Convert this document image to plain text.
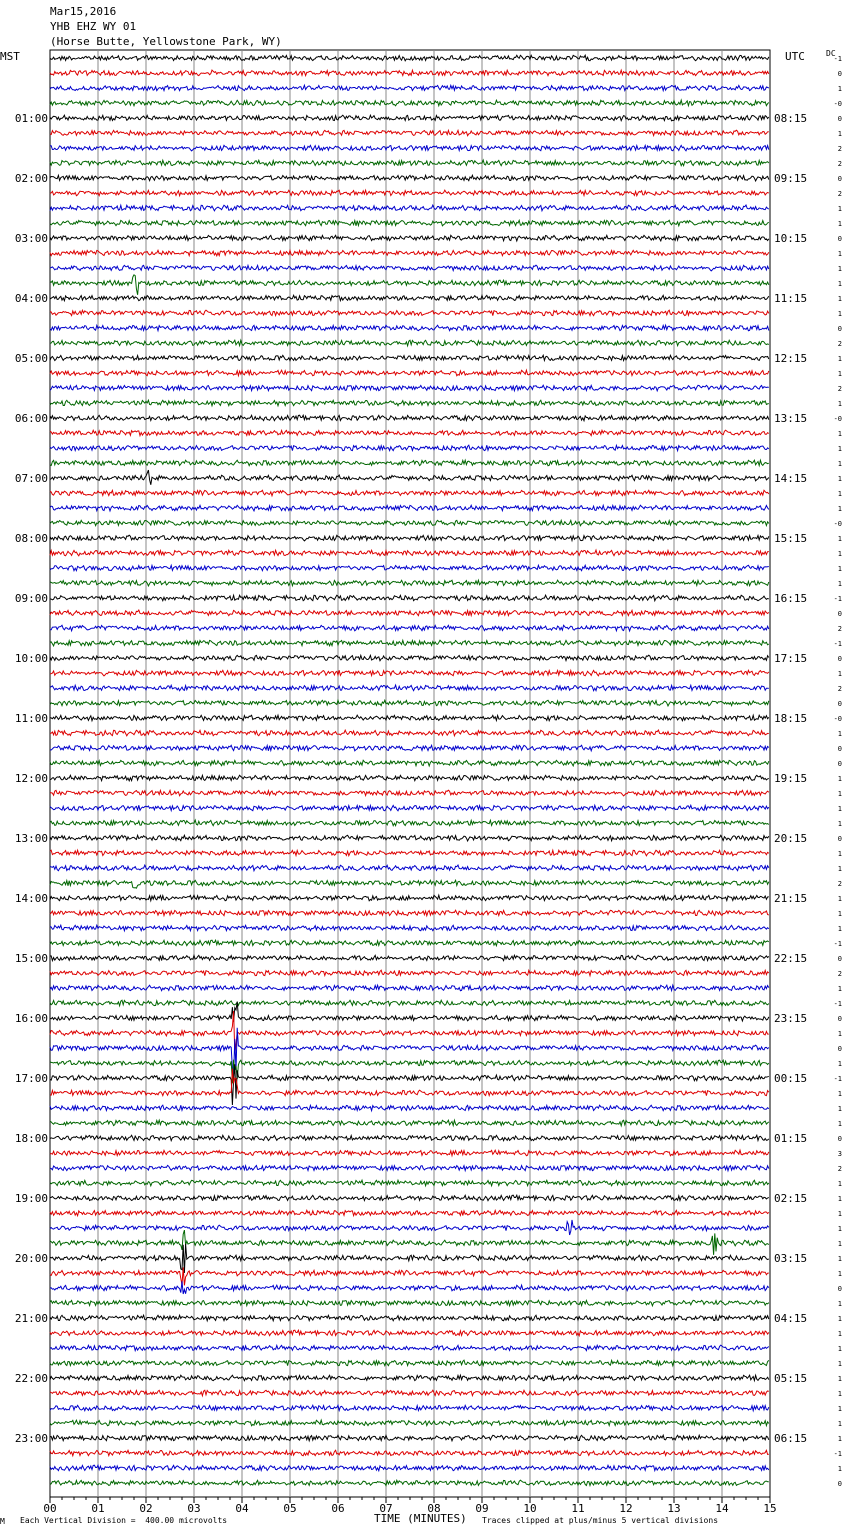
Mar15,2016
YHB EHZ WY 01
(Horse Butte, Yellowstone Park, WY)
MST	UTC	DC
00	01	02	03	04	05	06	07	08	09	10	11	12	13	14	15
-1
0
1
-0
0
1
2
2
0
2
1
1
0
1
1
1
1
1
0
2
1
1
2
1
-0
1
1
1
1
1
1
-0
1
1
1
1
-1
0
2
-1
0
1
2
0
-0
1
0
0
1
1
1
1
0
1
1
2
1
1
1
-1
0
2
1
-1
0
1
0
1
-1
1
1
1
0
3
2
1
1
1
1
1
1
1
0
1
1
1
1
1
1
1
1
1
1
-1
1
0
01:00
02:00
03:00
04:00
05:00
06:00
07:00
08:00
09:00
10:00
11:00
12:00
13:00
14:00
15:00
16:00
17:00
18:00
19:00
20:00
21:00
22:00
23:00
08:15
09:15
10:15
11:15
12:15
13:15
14:15
15:15
16:15
17:15
18:15
19:15
20:15
21:15
22:15
23:15
00:15
01:15
02:15
03:15
04:15
05:15
06:15
M Each Vertical Division =  400.00 microvolts	TIME (MINUTES) Traces clipped at plus/minus 5 vertical divisions
